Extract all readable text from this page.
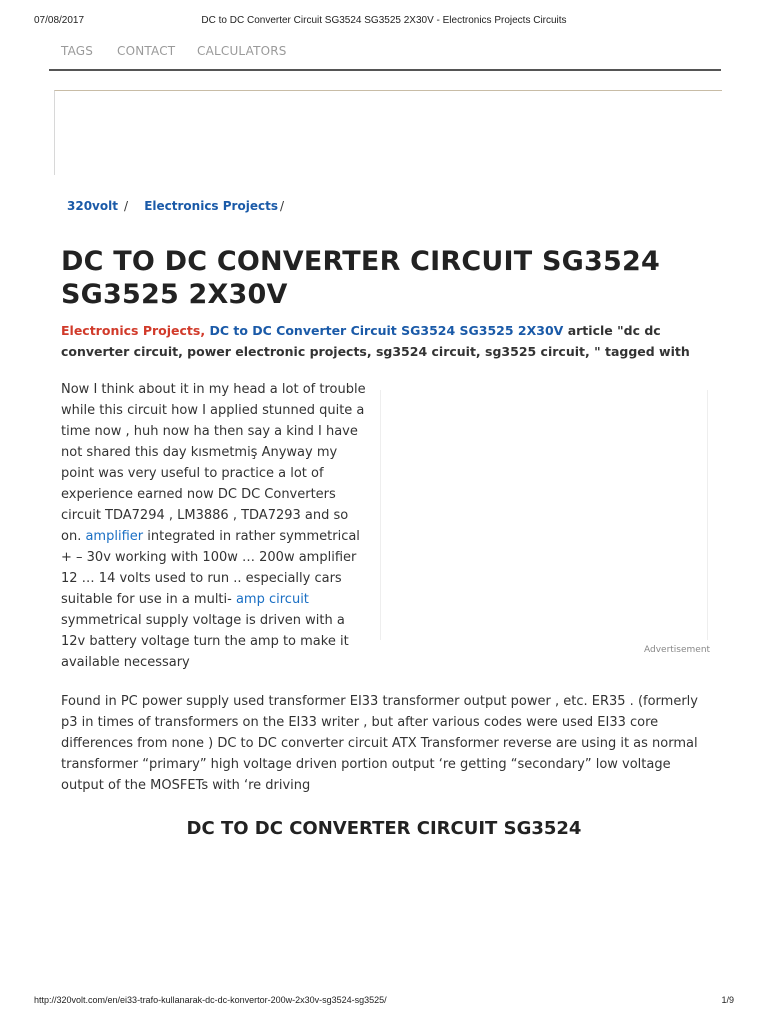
07/08/2017	DC to DC Converter Circuit SG3524 SG3525 2X30V - Electronics Projects Circuits
TAGS CONTACT CALCULATORS
320volt / Electronics Projects /
DC TO DC CONVERTER CIRCUIT SG3524 SG3525 2X30V

Electronics Projects, DC to DC Converter Circuit SG3524 SG3525 2X30V article "dc dc converter circuit, power electronic projects, sg3524 circuit, sg3525 circuit, " tagged with

Now I think about it in my head a lot of trouble while this circuit how I applied stunned quite a time now , huh now ha then say a kind I have not shared this day kısmetmiş Anyway my point was very useful to practice a lot of experience earned now DC DC Converters circuit TDA7294 , LM3886 , TDA7293 and so on. amplifier integrated in rather symmetrical + – 30v working with 100w … 200w amplifier 12 … 14 volts used to run .. especially cars suitable for use in a multi- amp circuit symmetrical supply voltage is driven with a 12v battery voltage turn the amp to make it available necessary

Advertisement

Found in PC power supply used transformer EI33 transformer output power , etc. ER35 . (formerly p3 in times of transformers on the EI33 writer , but after various codes were used EI33 core differences from none ) DC to DC converter circuit ATX Transformer reverse are using it as normal transformer “primary” high voltage driven portion output ‘re getting “secondary” low voltage output of the MOSFETs with ‘re driving

DC TO DC CONVERTER CIRCUIT SG3524
http://320volt.com/en/ei33-trafo-kullanarak-dc-dc-konvertor-200w-2x30v-sg3524-sg3525/	1/9
